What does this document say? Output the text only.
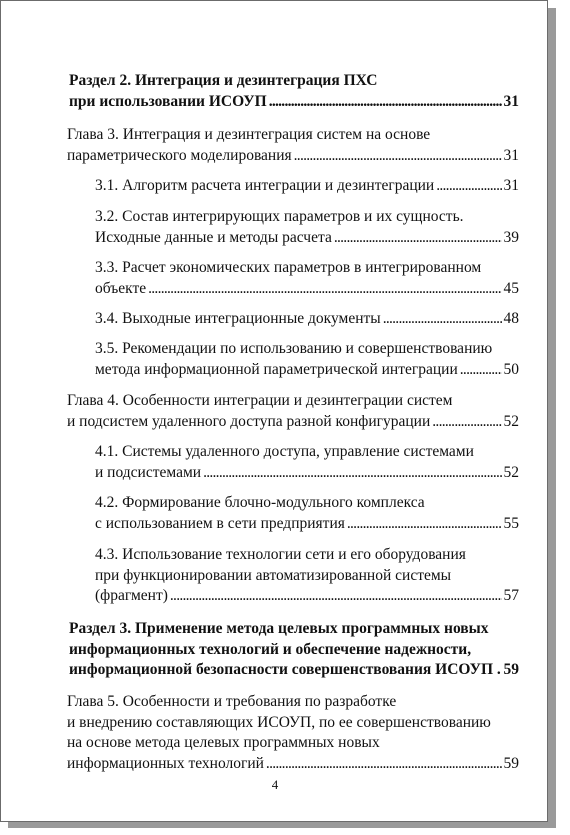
Раздел 2. Интеграция и дезинтеграция ПХС
при использовании ИСОУП . . .	31
Глава 3. Интеграция и дезинтеграция систем на основе
параметрического моделирования . . .	31
3.1. Алгоритм расчета интеграции и дезинтеграции . . .	31
3.2. Состав интегрирующих параметров и их сущность.
Исходные данные и методы расчета . . .	39
3.3. Расчет экономических параметров в интегрированном
объекте . . .	45
3.4. Выходные интеграционные документы . . .	48
3.5. Рекомендации по использованию и совершенствованию
метода информационной параметрической интеграции . . .	50
Глава 4. Особенности интеграции и дезинтеграции систем
и подсистем удаленного доступа разной конфигурации . . .	52
4.1. Системы удаленного доступа, управление системами
и подсистемами . . .	52
4.2. Формирование блочно-модульного комплекса
с использованием в сети предприятия . . .	55
4.3. Использование технологии сети и его оборудования
при функционировании автоматизированной системы
(фрагмент) . . .	57
Раздел 3. Применение метода целевых программных новых
информационных технологий и обеспечение надежности,
информационной безопасности совершенствования ИСОУП . 59
Глава 5. Особенности и требования по разработке
и внедрению составляющих ИСОУП, по ее совершенствованию
на основе метода целевых программных новых
информационных технологий . . .	59
4
